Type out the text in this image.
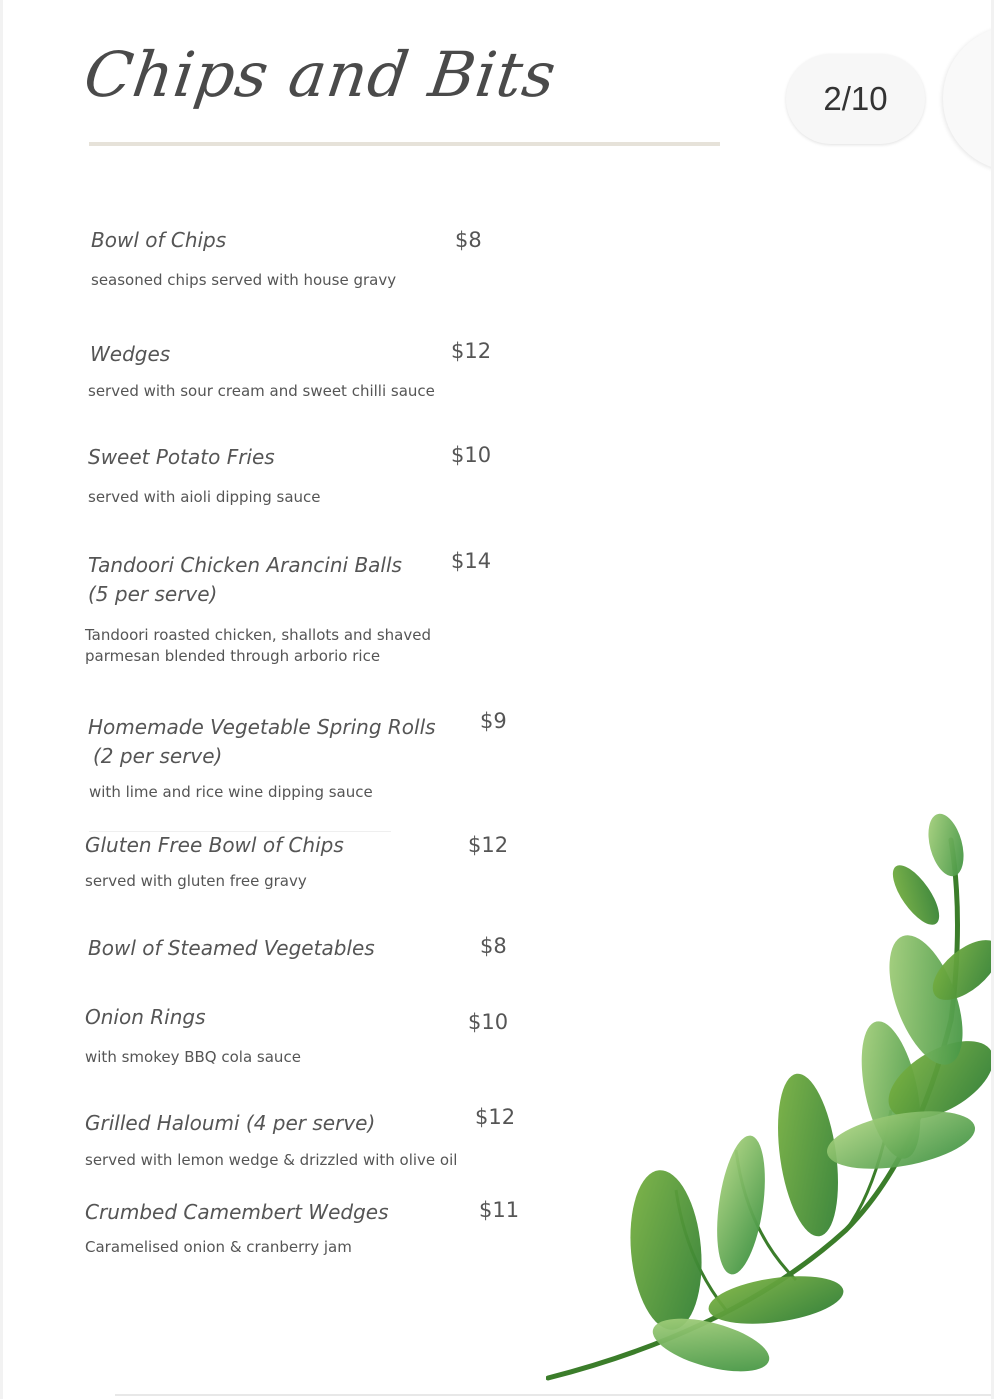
Chips and Bits	2/10
Bowl of Chips	$8
seasoned chips served with house gravy
Wedges	$12
served with sour cream and sweet chilli sauce
Sweet Potato Fries	$10
served with aioli dipping sauce
Tandoori Chicken Arancini Balls
(5 per serve)
$14
Tandoori roasted chicken, shallots and shaved
parmesan blended through arborio rice
Homemade Vegetable Spring Rolls
(2 per serve)
$9
with lime and rice wine dipping sauce
Gluten Free Bowl of Chips	$12
served with gluten free gravy
Bowl of Steamed Vegetables	$8
Onion Rings	$10
with smokey BBQ cola sauce
Grilled Haloumi (4 per serve)	$12
served with lemon wedge & drizzled with olive oil
Crumbed Camembert Wedges	$11
Caramelised onion & cranberry jam
